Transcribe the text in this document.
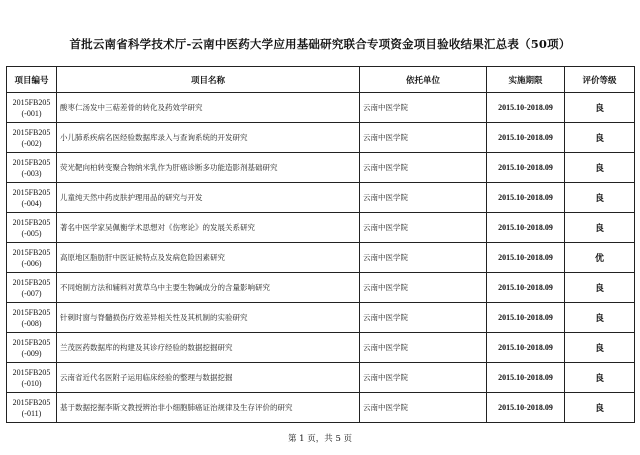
首批云南省科学技术厅-云南中医药大学应用基础研究联合专项资金项目验收结果汇总表（50项）
项目编号	项目名称	依托单位	实施期限	评价等级

2015FB205
(-001)	酸枣仁汤发中三萜差骨的转化及药效学研究	云南中医学院	2015.10-2018.09	良

2015FB205
(-002)	小儿肺系疾病名医经验数据库录入与查询系统的开发研究	云南中医学院	2015.10-2018.09	良

2015FB205
(-003)	荧光靶向柏转变聚合物纳米乳作为肝癌诊断多功能造影剂基础研究	云南中医学院	2015.10-2018.09	良

2015FB205
(-004)	儿童纯天然中药皮肤护理用品的研究与开发	云南中医学院	2015.10-2018.09	良

2015FB205
(-005)	著名中医学家吴佩衡学术思想对《伤寒论》的发展关系研究	云南中医学院	2015.10-2018.09	良

2015FB205
(-006)	高原地区脂肪肝中医证候特点及发病危险因素研究	云南中医学院	2015.10-2018.09	优

2015FB205
(-007)	不同炮制方法和辅料对黄草乌中主要生物碱成分的含量影响研究	云南中医学院	2015.10-2018.09	良

2015FB205
(-008)	针刺时窗与脊髓损伤疗效差异相关性及其机制的实验研究	云南中医学院	2015.10-2018.09	良

2015FB205
(-009)	兰茂医药数据库的构建及其诊疗经验的数据挖掘研究	云南中医学院	2015.10-2018.09	良

2015FB205
(-010)	云南省近代名医附子运用临床经验的整理与数据挖掘	云南中医学院	2015.10-2018.09	良

2015FB205
(-011)	基于数据挖掘李斯文教授辨治非小细胞肺癌证治规律及生存评价的研究	云南中医学院	2015.10-2018.09	良
第 1 页，共 5 页
